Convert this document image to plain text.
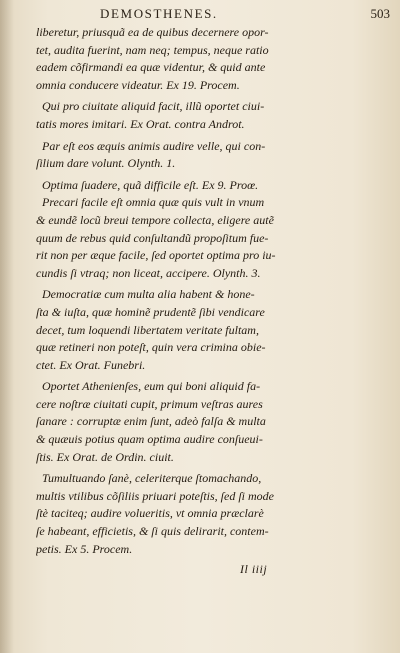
DEMOSTHENES.	503
liberetur, priusquã ea de quibus decernere opor-
tet, audita fuerint, nam neq; tempus, neque ratio
eadem cõfirmandi ea quæ videntur, & quid ante
omnia conducere videatur. Ex 19. Procem.
Qui pro ciuitate aliquid facit, illũ oportet ciui-
tatis mores imitari. Ex Orat. contra Androt.
Par eſt eos æquis animis audire velle, qui con-
ſilium dare volunt. Olynth. 1.
Optima ſuadere, quã difficile eſt. Ex 9. Proœ.
Precari facile eſt omnia quæ quis vult in vnum
& eundẽ locũ breui tempore collecta, eligere autẽ
quum de rebus quid conſultandũ propoſitum fue-
rit non per æque facile, ſed oportet optima pro iu-
cundis ſi vtraq; non liceat, accipere. Olynth. 3.
Democratiæ cum multa alia habent & hone-
ſta & iuſta, quæ hominẽ prudentẽ ſibi vendicare
decet, tum loquendi libertatem veritate fultam,
quæ retineri non poteſt, quin vera crimina obie-
ctet. Ex Orat. Funebri.
Oportet Athenienſes, eum qui boni aliquid fa-
cere noſtræ ciuitati cupit, primum veſtras aures
ſanare : corruptæ enim ſunt, adeò falſa & multa
& quæuis potius quam optima audire conſueui-
ſtis. Ex Orat. de Ordin. ciuit.
Tumultuando ſanè, celeriterque ſtomachando,
multis vtilibus cõſiliis priuari poteſtis, ſed ſi mode
ſtè taciteq; audire volueritis, vt omnia præclarè
ſe habeant, efficietis, & ſi quis delirarit, contem-
petis. Ex 5. Procem.
Il iiij
